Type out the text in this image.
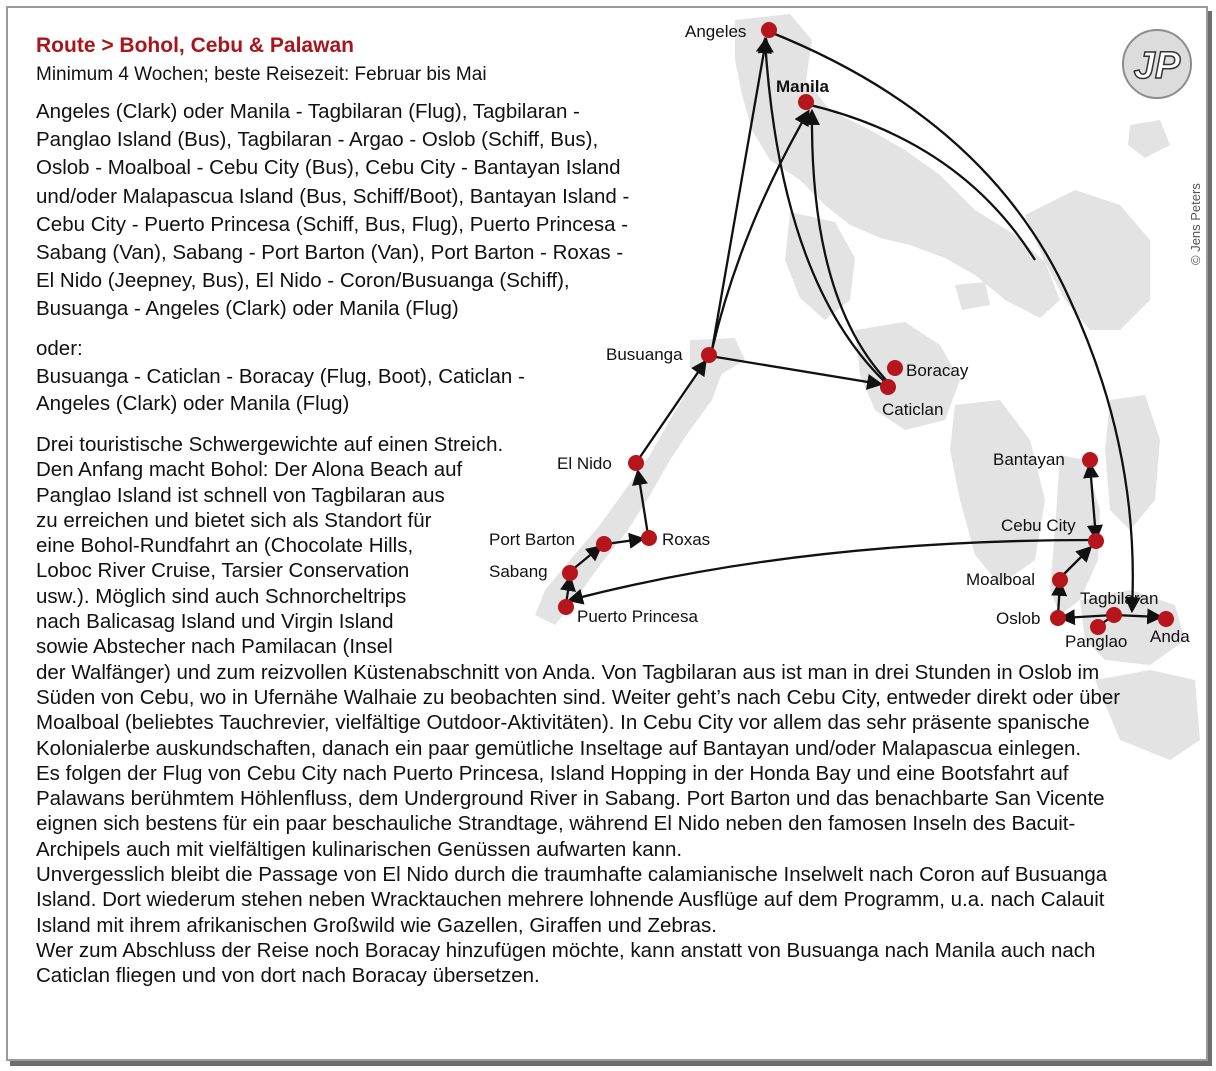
JP
Angeles
Manila
Busuanga
Boracay
Caticlan
El Nido
Port Barton	Roxas
Sabang
Puerto Princesa
Bantayan
Cebu City
Moalboal
Tagbilaran
Oslob
Panglao Anda
Route > Bohol, Cebu & Palawan
Minimum 4 Wochen; beste Reisezeit: Februar bis Mai
Angeles (Clark) oder Manila - Tagbilaran (Flug), Tagbilaran -
Panglao Island (Bus), Tagbilaran - Argao - Oslob (Schiff, Bus),
Oslob - Moalboal - Cebu City (Bus), Cebu City - Bantayan Island
und/oder Malapascua Island (Bus, Schiff/Boot), Bantayan Island -
Cebu City - Puerto Princesa (Schiff, Bus, Flug), Puerto Princesa -
Sabang (Van), Sabang - Port Barton (Van), Port Barton - Roxas -
El Nido (Jeepney, Bus), El Nido - Coron/Busuanga (Schiff),
Busuanga - Angeles (Clark) oder Manila (Flug)
oder:
Busuanga - Caticlan - Boracay (Flug, Boot), Caticlan -
Angeles (Clark) oder Manila (Flug)
Drei touristische Schwergewichte auf einen Streich.
Den Anfang macht Bohol: Der Alona Beach auf
Panglao Island ist schnell von Tagbilaran aus
zu erreichen und bietet sich als Standort für
eine Bohol-Rundfahrt an (Chocolate Hills,
Loboc River Cruise, Tarsier Conservation
usw.). Möglich sind auch Schnorcheltrips
nach Balicasag Island und Virgin Island
sowie Abstecher nach Pamilacan (Insel
der Walfänger) und zum reizvollen Küstenabschnitt von Anda. Von Tagbilaran aus ist man in drei Stunden in Oslob im
Süden von Cebu, wo in Ufernähe Walhaie zu beobachten sind. Weiter geht’s nach Cebu City, entweder direkt oder über
Moalboal (beliebtes Tauchrevier, vielfältige Outdoor-Aktivitäten). In Cebu City vor allem das sehr präsente spanische
Kolonialerbe auskundschaften, danach ein paar gemütliche Inseltage auf Bantayan und/oder Malapascua einlegen.
Es folgen der Flug von Cebu City nach Puerto Princesa, Island Hopping in der Honda Bay und eine Bootsfahrt auf
Palawans berühmtem Höhlenfluss, dem Underground River in Sabang. Port Barton und das benachbarte San Vicente
eignen sich bestens für ein paar beschauliche Strandtage, während El Nido neben den famosen Inseln des Bacuit-
Archipels auch mit vielfältigen kulinarischen Genüssen aufwarten kann.
Unvergesslich bleibt die Passage von El Nido durch die traumhafte calamianische Inselwelt nach Coron auf Busuanga
Island. Dort wiederum stehen neben Wracktauchen mehrere lohnende Ausflüge auf dem Programm, u.a. nach Calauit
Island mit ihrem afrikanischen Großwild wie Gazellen, Giraffen und Zebras.
Wer zum Abschluss der Reise noch Boracay hinzufügen möchte, kann anstatt von Busuanga nach Manila auch nach
Caticlan fliegen und von dort nach Boracay übersetzen.
© Jens Peters
